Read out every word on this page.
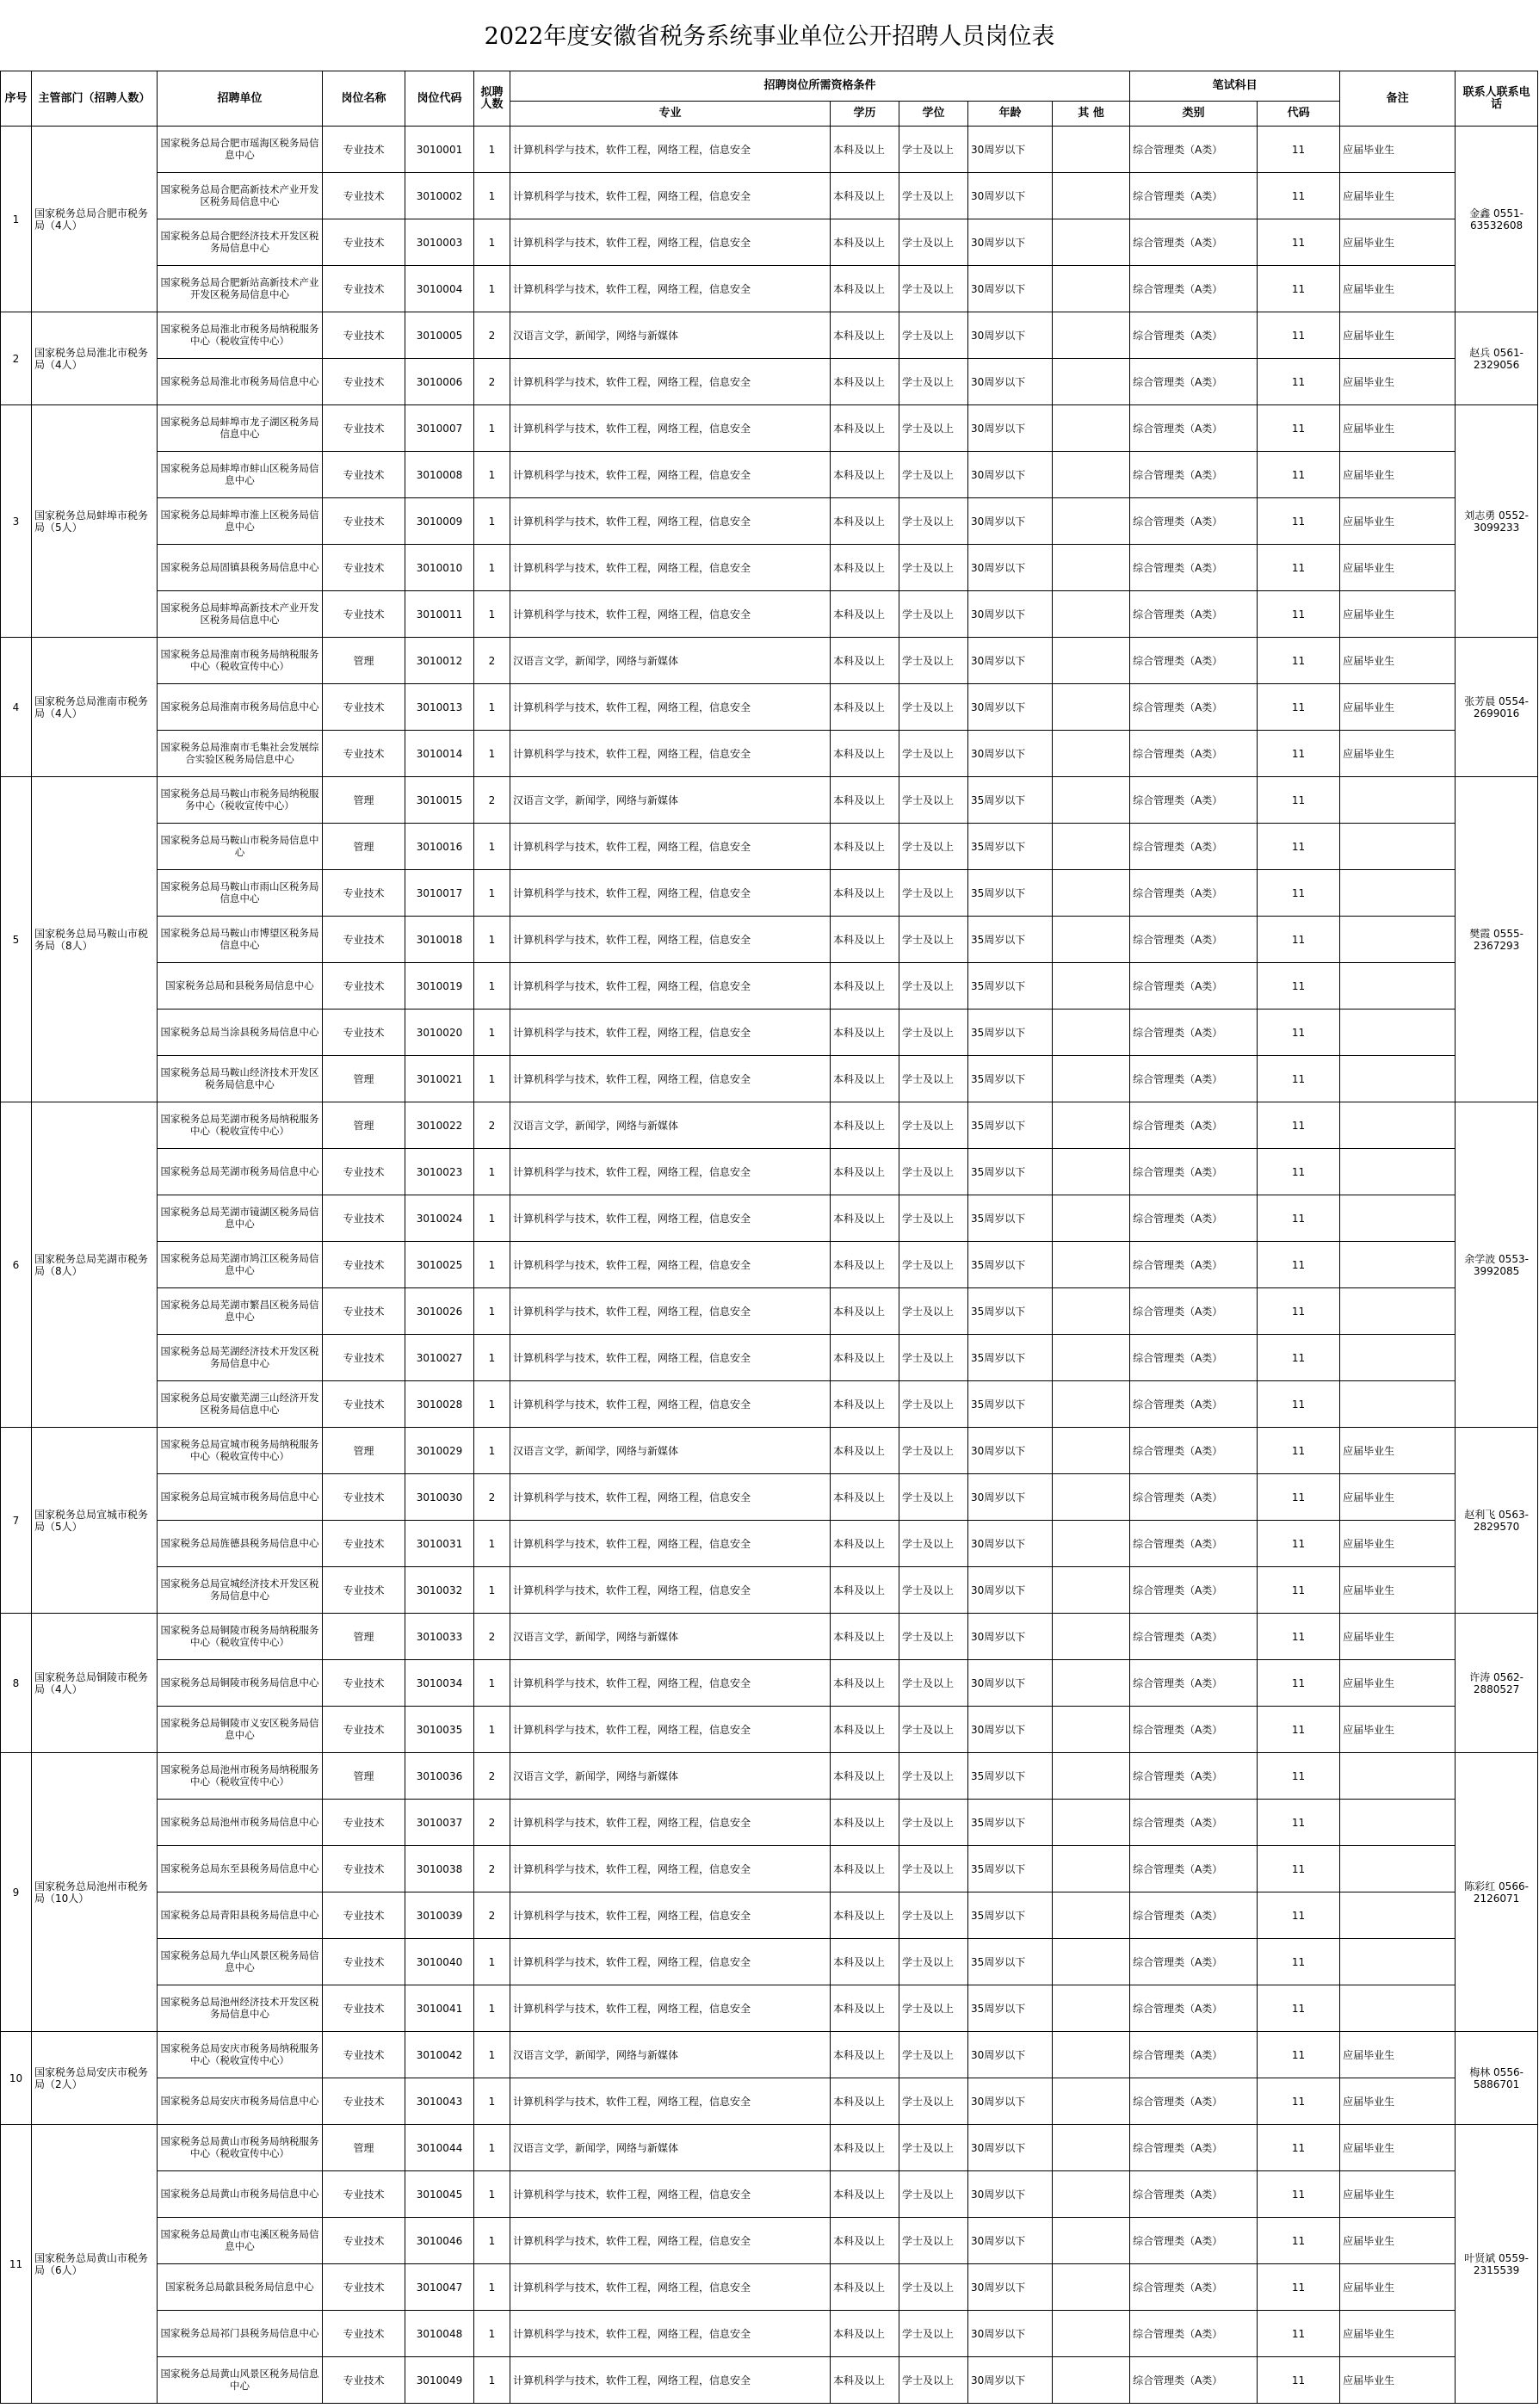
2022年度安徽省税务系统事业单位公开招聘人员岗位表
序号	主管部门（招聘人数）	招聘单位	岗位名称	岗位代码	拟聘人数	招聘岗位所需资格条件					笔试科目		备注	联系人联系电话
						专业	学历	学位	年龄	其 他	类别	代码		
1	国家税务总局合肥市税务局（4人）	国家税务总局合肥市瑶海区税务局信息中心	专业技术	3010001	1	计算机科学与技术，软件工程，网络工程，信息安全	本科及以上	学士及以上	30周岁以下		综合管理类（A类）	11	应届毕业生	金鑫 0551-63532608
		国家税务总局合肥高新技术产业开发区税务局信息中心	专业技术	3010002	1	计算机科学与技术，软件工程，网络工程，信息安全	本科及以上	学士及以上	30周岁以下		综合管理类（A类）	11	应届毕业生	
		国家税务总局合肥经济技术开发区税务局信息中心	专业技术	3010003	1	计算机科学与技术，软件工程，网络工程，信息安全	本科及以上	学士及以上	30周岁以下		综合管理类（A类）	11	应届毕业生	
		国家税务总局合肥新站高新技术产业开发区税务局信息中心	专业技术	3010004	1	计算机科学与技术，软件工程，网络工程，信息安全	本科及以上	学士及以上	30周岁以下		综合管理类（A类）	11	应届毕业生	
2	国家税务总局淮北市税务局（4人）	国家税务总局淮北市税务局纳税服务中心（税收宣传中心）	专业技术	3010005	2	汉语言文学，新闻学，网络与新媒体	本科及以上	学士及以上	30周岁以下		综合管理类（A类）	11	应届毕业生	赵兵 0561-2329056
		国家税务总局淮北市税务局信息中心	专业技术	3010006	2	计算机科学与技术，软件工程，网络工程，信息安全	本科及以上	学士及以上	30周岁以下		综合管理类（A类）	11	应届毕业生	
3	国家税务总局蚌埠市税务局（5人）	国家税务总局蚌埠市龙子湖区税务局信息中心	专业技术	3010007	1	计算机科学与技术，软件工程，网络工程，信息安全	本科及以上	学士及以上	30周岁以下		综合管理类（A类）	11	应届毕业生	刘志勇 0552-3099233
		国家税务总局蚌埠市蚌山区税务局信息中心	专业技术	3010008	1	计算机科学与技术，软件工程，网络工程，信息安全	本科及以上	学士及以上	30周岁以下		综合管理类（A类）	11	应届毕业生	
		国家税务总局蚌埠市淮上区税务局信息中心	专业技术	3010009	1	计算机科学与技术，软件工程，网络工程，信息安全	本科及以上	学士及以上	30周岁以下		综合管理类（A类）	11	应届毕业生	
		国家税务总局固镇县税务局信息中心	专业技术	3010010	1	计算机科学与技术，软件工程，网络工程，信息安全	本科及以上	学士及以上	30周岁以下		综合管理类（A类）	11	应届毕业生	
		国家税务总局蚌埠高新技术产业开发区税务局信息中心	专业技术	3010011	1	计算机科学与技术，软件工程，网络工程，信息安全	本科及以上	学士及以上	30周岁以下		综合管理类（A类）	11	应届毕业生	
4	国家税务总局淮南市税务局（4人）	国家税务总局淮南市税务局纳税服务中心（税收宣传中心）	管理	3010012	2	汉语言文学，新闻学，网络与新媒体	本科及以上	学士及以上	30周岁以下		综合管理类（A类）	11	应届毕业生	张芳晨 0554-2699016
		国家税务总局淮南市税务局信息中心	专业技术	3010013	1	计算机科学与技术，软件工程，网络工程，信息安全	本科及以上	学士及以上	30周岁以下		综合管理类（A类）	11	应届毕业生	
		国家税务总局淮南市毛集社会发展综合实验区税务局信息中心	专业技术	3010014	1	计算机科学与技术，软件工程，网络工程，信息安全	本科及以上	学士及以上	30周岁以下		综合管理类（A类）	11	应届毕业生	
5	国家税务总局马鞍山市税务局（8人）	国家税务总局马鞍山市税务局纳税服务中心（税收宣传中心）	管理	3010015	2	汉语言文学，新闻学，网络与新媒体	本科及以上	学士及以上	35周岁以下		综合管理类（A类）	11		樊霞 0555-2367293
		国家税务总局马鞍山市税务局信息中心	管理	3010016	1	计算机科学与技术，软件工程，网络工程，信息安全	本科及以上	学士及以上	35周岁以下		综合管理类（A类）	11		
		国家税务总局马鞍山市雨山区税务局信息中心	专业技术	3010017	1	计算机科学与技术，软件工程，网络工程，信息安全	本科及以上	学士及以上	35周岁以下		综合管理类（A类）	11		
		国家税务总局马鞍山市博望区税务局信息中心	专业技术	3010018	1	计算机科学与技术，软件工程，网络工程，信息安全	本科及以上	学士及以上	35周岁以下		综合管理类（A类）	11		
		国家税务总局和县税务局信息中心	专业技术	3010019	1	计算机科学与技术，软件工程，网络工程，信息安全	本科及以上	学士及以上	35周岁以下		综合管理类（A类）	11		
		国家税务总局当涂县税务局信息中心	专业技术	3010020	1	计算机科学与技术，软件工程，网络工程，信息安全	本科及以上	学士及以上	35周岁以下		综合管理类（A类）	11		
		国家税务总局马鞍山经济技术开发区税务局信息中心	管理	3010021	1	计算机科学与技术，软件工程，网络工程，信息安全	本科及以上	学士及以上	35周岁以下		综合管理类（A类）	11		
6	国家税务总局芜湖市税务局（8人）	国家税务总局芜湖市税务局纳税服务中心（税收宣传中心）	管理	3010022	2	汉语言文学，新闻学，网络与新媒体	本科及以上	学士及以上	35周岁以下		综合管理类（A类）	11		余学波 0553-3992085
		国家税务总局芜湖市税务局信息中心	专业技术	3010023	1	计算机科学与技术，软件工程，网络工程，信息安全	本科及以上	学士及以上	35周岁以下		综合管理类（A类）	11		
		国家税务总局芜湖市镜湖区税务局信息中心	专业技术	3010024	1	计算机科学与技术，软件工程，网络工程，信息安全	本科及以上	学士及以上	35周岁以下		综合管理类（A类）	11		
		国家税务总局芜湖市鸠江区税务局信息中心	专业技术	3010025	1	计算机科学与技术，软件工程，网络工程，信息安全	本科及以上	学士及以上	35周岁以下		综合管理类（A类）	11		
		国家税务总局芜湖市繁昌区税务局信息中心	专业技术	3010026	1	计算机科学与技术，软件工程，网络工程，信息安全	本科及以上	学士及以上	35周岁以下		综合管理类（A类）	11		
		国家税务总局芜湖经济技术开发区税务局信息中心	专业技术	3010027	1	计算机科学与技术，软件工程，网络工程，信息安全	本科及以上	学士及以上	35周岁以下		综合管理类（A类）	11		
		国家税务总局安徽芜湖三山经济开发区税务局信息中心	专业技术	3010028	1	计算机科学与技术，软件工程，网络工程，信息安全	本科及以上	学士及以上	35周岁以下		综合管理类（A类）	11		
7	国家税务总局宣城市税务局（5人）	国家税务总局宣城市税务局纳税服务中心（税收宣传中心）	管理	3010029	1	汉语言文学，新闻学，网络与新媒体	本科及以上	学士及以上	30周岁以下		综合管理类（A类）	11	应届毕业生	赵利飞 0563-2829570
		国家税务总局宣城市税务局信息中心	专业技术	3010030	2	计算机科学与技术，软件工程，网络工程，信息安全	本科及以上	学士及以上	30周岁以下		综合管理类（A类）	11	应届毕业生	
		国家税务总局旌德县税务局信息中心	专业技术	3010031	1	计算机科学与技术，软件工程，网络工程，信息安全	本科及以上	学士及以上	30周岁以下		综合管理类（A类）	11	应届毕业生	
		国家税务总局宣城经济技术开发区税务局信息中心	专业技术	3010032	1	计算机科学与技术，软件工程，网络工程，信息安全	本科及以上	学士及以上	30周岁以下		综合管理类（A类）	11	应届毕业生	
8	国家税务总局铜陵市税务局（4人）	国家税务总局铜陵市税务局纳税服务中心（税收宣传中心）	管理	3010033	2	汉语言文学，新闻学，网络与新媒体	本科及以上	学士及以上	30周岁以下		综合管理类（A类）	11	应届毕业生	许涛 0562-2880527
		国家税务总局铜陵市税务局信息中心	专业技术	3010034	1	计算机科学与技术，软件工程，网络工程，信息安全	本科及以上	学士及以上	30周岁以下		综合管理类（A类）	11	应届毕业生	
		国家税务总局铜陵市义安区税务局信息中心	专业技术	3010035	1	计算机科学与技术，软件工程，网络工程，信息安全	本科及以上	学士及以上	30周岁以下		综合管理类（A类）	11	应届毕业生	
9	国家税务总局池州市税务局（10人）	国家税务总局池州市税务局纳税服务中心（税收宣传中心）	管理	3010036	2	汉语言文学，新闻学，网络与新媒体	本科及以上	学士及以上	35周岁以下		综合管理类（A类）	11		陈彩红 0566-2126071
		国家税务总局池州市税务局信息中心	专业技术	3010037	2	计算机科学与技术，软件工程，网络工程，信息安全	本科及以上	学士及以上	35周岁以下		综合管理类（A类）	11		
		国家税务总局东至县税务局信息中心	专业技术	3010038	2	计算机科学与技术，软件工程，网络工程，信息安全	本科及以上	学士及以上	35周岁以下		综合管理类（A类）	11		
		国家税务总局青阳县税务局信息中心	专业技术	3010039	2	计算机科学与技术，软件工程，网络工程，信息安全	本科及以上	学士及以上	35周岁以下		综合管理类（A类）	11		
		国家税务总局九华山风景区税务局信息中心	专业技术	3010040	1	计算机科学与技术，软件工程，网络工程，信息安全	本科及以上	学士及以上	35周岁以下		综合管理类（A类）	11		
		国家税务总局池州经济技术开发区税务局信息中心	专业技术	3010041	1	计算机科学与技术，软件工程，网络工程，信息安全	本科及以上	学士及以上	35周岁以下		综合管理类（A类）	11		
10	国家税务总局安庆市税务局（2人）	国家税务总局安庆市税务局纳税服务中心（税收宣传中心）	专业技术	3010042	1	汉语言文学，新闻学，网络与新媒体	本科及以上	学士及以上	30周岁以下		综合管理类（A类）	11	应届毕业生	梅林 0556-5886701
		国家税务总局安庆市税务局信息中心	专业技术	3010043	1	计算机科学与技术，软件工程，网络工程，信息安全	本科及以上	学士及以上	30周岁以下		综合管理类（A类）	11	应届毕业生	
11	国家税务总局黄山市税务局（6人）	国家税务总局黄山市税务局纳税服务中心（税收宣传中心）	管理	3010044	1	汉语言文学，新闻学，网络与新媒体	本科及以上	学士及以上	30周岁以下		综合管理类（A类）	11	应届毕业生	叶贤斌 0559-2315539
		国家税务总局黄山市税务局信息中心	专业技术	3010045	1	计算机科学与技术，软件工程，网络工程，信息安全	本科及以上	学士及以上	30周岁以下		综合管理类（A类）	11	应届毕业生	
		国家税务总局黄山市屯溪区税务局信息中心	专业技术	3010046	1	计算机科学与技术，软件工程，网络工程，信息安全	本科及以上	学士及以上	30周岁以下		综合管理类（A类）	11	应届毕业生	
		国家税务总局歙县税务局信息中心	专业技术	3010047	1	计算机科学与技术，软件工程，网络工程，信息安全	本科及以上	学士及以上	30周岁以下		综合管理类（A类）	11	应届毕业生	
		国家税务总局祁门县税务局信息中心	专业技术	3010048	1	计算机科学与技术，软件工程，网络工程，信息安全	本科及以上	学士及以上	30周岁以下		综合管理类（A类）	11	应届毕业生	
		国家税务总局黄山风景区税务局信息中心	专业技术	3010049	1	计算机科学与技术，软件工程，网络工程，信息安全	本科及以上	学士及以上	30周岁以下		综合管理类（A类）	11	应届毕业生	
